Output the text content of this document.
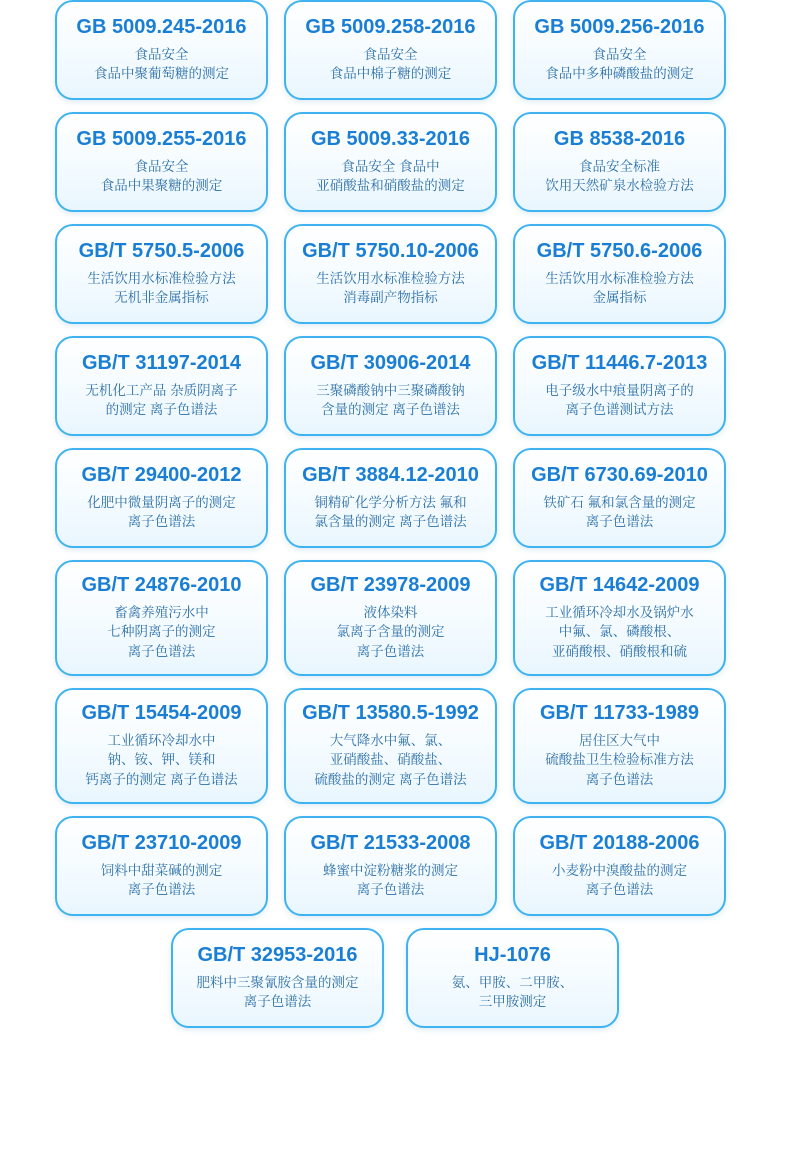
GB 5009.245-2016
食品安全
食品中聚葡萄糖的测定
GB 5009.258-2016
食品安全
食品中棉子糖的测定
GB 5009.256-2016
食品安全
食品中多种磷酸盐的测定
GB 5009.255-2016
食品安全
食品中果聚糖的测定
GB 5009.33-2016
食品安全 食品中
亚硝酸盐和硝酸盐的测定
GB 8538-2016
食品安全标准
饮用天然矿泉水检验方法
GB/T 5750.5-2006
生活饮用水标准检验方法
无机非金属指标
GB/T 5750.10-2006
生活饮用水标准检验方法
消毒副产物指标
GB/T 5750.6-2006
生活饮用水标准检验方法
金属指标
GB/T 31197-2014
无机化工产品 杂质阴离子
的测定 离子色谱法
GB/T 30906-2014
三聚磷酸钠中三聚磷酸钠
含量的测定 离子色谱法
GB/T 11446.7-2013
电子级水中痕量阴离子的
离子色谱测试方法
GB/T 29400-2012
化肥中微量阴离子的测定
离子色谱法
GB/T 3884.12-2010
铜精矿化学分析方法 氟和
氯含量的测定 离子色谱法
GB/T 6730.69-2010
铁矿石 氟和氯含量的测定
离子色谱法
GB/T 24876-2010
畜禽养殖污水中
七种阴离子的测定
离子色谱法
GB/T 23978-2009
液体染料
氯离子含量的测定
离子色谱法
GB/T 14642-2009
工业循环冷却水及锅炉水
中氟、氯、磷酸根、
亚硝酸根、硝酸根和硫
GB/T 15454-2009
工业循环冷却水中
钠、铵、钾、镁和
钙离子的测定 离子色谱法
GB/T 13580.5-1992
大气降水中氟、氯、
亚硝酸盐、硝酸盐、
硫酸盐的测定 离子色谱法
GB/T 11733-1989
居住区大气中
硫酸盐卫生检验标准方法
离子色谱法
GB/T 23710-2009
饲料中甜菜碱的测定
离子色谱法
GB/T 21533-2008
蜂蜜中淀粉糖浆的测定
离子色谱法
GB/T 20188-2006
小麦粉中溴酸盐的测定
离子色谱法
GB/T 32953-2016
肥料中三聚氰胺含量的测定
离子色谱法
HJ-1076
氨、甲胺、二甲胺、
三甲胺测定
